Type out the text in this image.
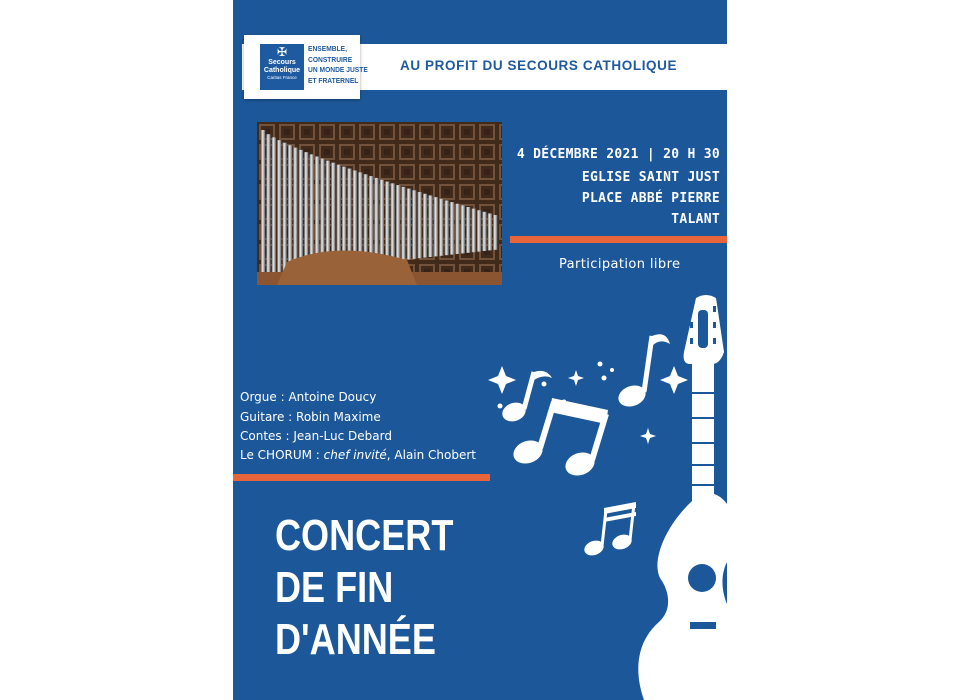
✠
Secours
Catholique
Caritas France
ENSEMBLE,
CONSTRUIRE
UN MONDE JUSTE
ET FRATERNEL
AU PROFIT DU SECOURS CATHOLIQUE
4 DÉCEMBRE 2021 | 20 H 30
EGLISE SAINT JUST
PLACE ABBÉ PIERRE
TALANT
Participation libre
Orgue : Antoine Doucy
Guitare : Robin Maxime
Contes : Jean-Luc Debard
Le CHORUM : chef invité, Alain Chobert
CONCERT
DE FIN
D'ANNÉE
